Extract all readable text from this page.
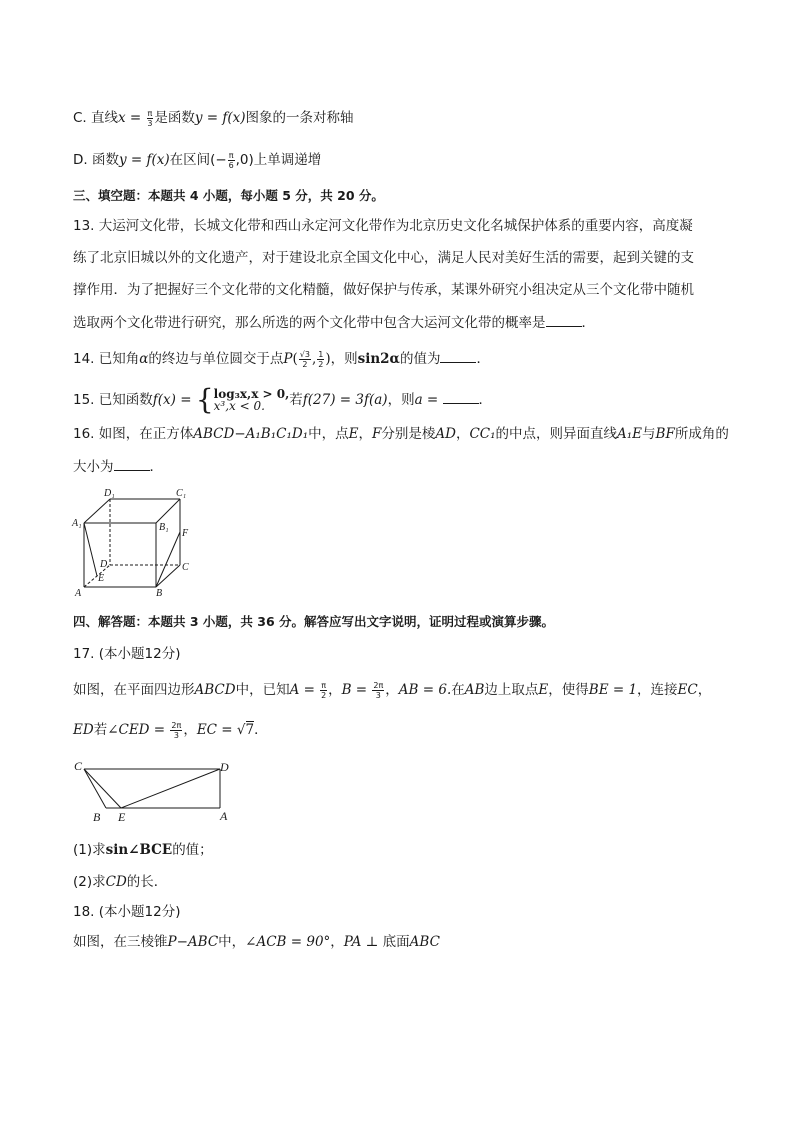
C. 直线$x = \frac{\pi}{3}$ 是函数y = f(x)图象的一条对称轴
D. 函数y = f(x)在区间(− $\frac{\pi}{6} ,0$)上单调递增
三、填空题：本题共 4 小题，每小题 5 分，共 20 分。
13. 大运河文化带，长城文化带和西山永定河文化带作为北京历史文化名城保护体系的重要内容，高度凝
练了北京旧城以外的文化遗产，对于建设北京全国文化中心，满足人民对美好生活的需要，起到关键的支
撑作用．为了把握好三个文化带的文化精髓，做好保护与传承，某课外研究小组决定从三个文化带中随机
选取两个文化带进行研究，那么所选的两个文化带中包含大运河文化带的概率是	．
14. 已知角α的终边与单位圆交于点$P( \frac{√3}{2}$ , $\frac{1}{2}$ )，则sin2α的值为	．
15. 已知函数f(x) = { log₃x,x > 0,
x³,x < 0.	若f(27) = 3f(a)，则a =	．
16. 如图，在正方体ABCD−A₁B₁C₁D₁中，点E，F分别是棱AD，CC₁的中点，则异面直线A₁E与BF所成角的
大小为	．
D₁	C₁
A₁	B₁
F
D	C
E
A	B
四、解答题：本题共 3 小题，共 36 分。解答应写出文字说明，证明过程或演算步骤。
17. (本小题12分)
如图，在平面四边形ABCD中，已知$A = \frac{\pi}{2}$ ，$B = \frac{2\pi}{3}$ ，AB = 6.在AB边上取点E，使得BE = 1，连接EC，
ED若∠CED = $\frac{2\pi}{3}$ ，EC = √7．
C	D
B E	A
(1)求sin∠BCE的值；
(2)求CD的长．
18. (本小题12分)
如图，在三棱锥P−ABC中，∠ACB = 90°，PA ⊥ 底面ABC
